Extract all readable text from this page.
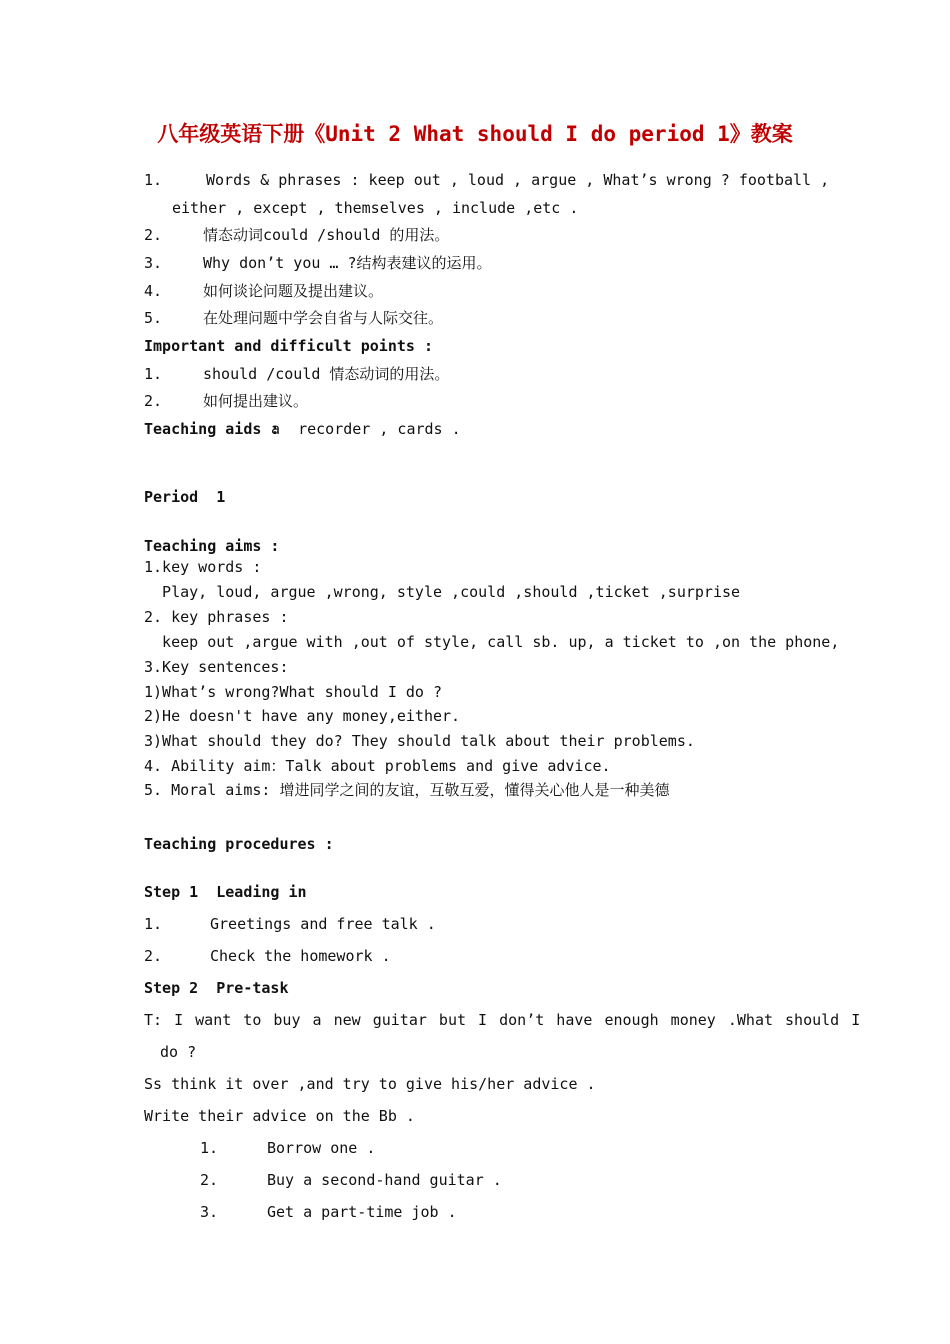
八年级英语下册《Unit 2 What should I do period 1》教案
1.	Words & phrases : keep out , loud , argue , What’s wrong ? football ,
either , except , themselves , include ,etc .
2.	情态动词could /should 的用法。
3.	Why don’t you … ?结构表建议的运用。
4.	如何谈论问题及提出建议。
5.	在处理问题中学会自省与人际交往。
Important and difficult points :
1.	should /could 情态动词的用法。
2.	如何提出建议。
Teaching aids :
a  recorder , cards .
Period  1
Teaching aims :
1.key words :
Play, loud, argue ,wrong, style ,could ,should ,ticket ,surprise
2. key phrases :
keep out ,argue with ,out of style, call sb. up, a ticket to ,on the phone,
3.Key sentences:
1)What’s wrong?What should I do ?
2)He doesn't have any money,either.
3)What should they do? They should talk about their problems.
4. Ability aim：Talk about problems and give advice.
5. Moral aims: 增进同学之间的友谊，互敬互爱，懂得关心他人是一种美德
Teaching procedures :
Step 1  Leading in
1.	Greetings and free talk .
2.	Check the homework .
Step 2  Pre-task
T: I want to buy a new guitar but I don’t have enough money .What should I
do ?
Ss think it over ,and try to give his/her advice .
Write their advice on the Bb .
1.	Borrow one .
2.	Buy a second-hand guitar .
3.	Get a part-time job .
